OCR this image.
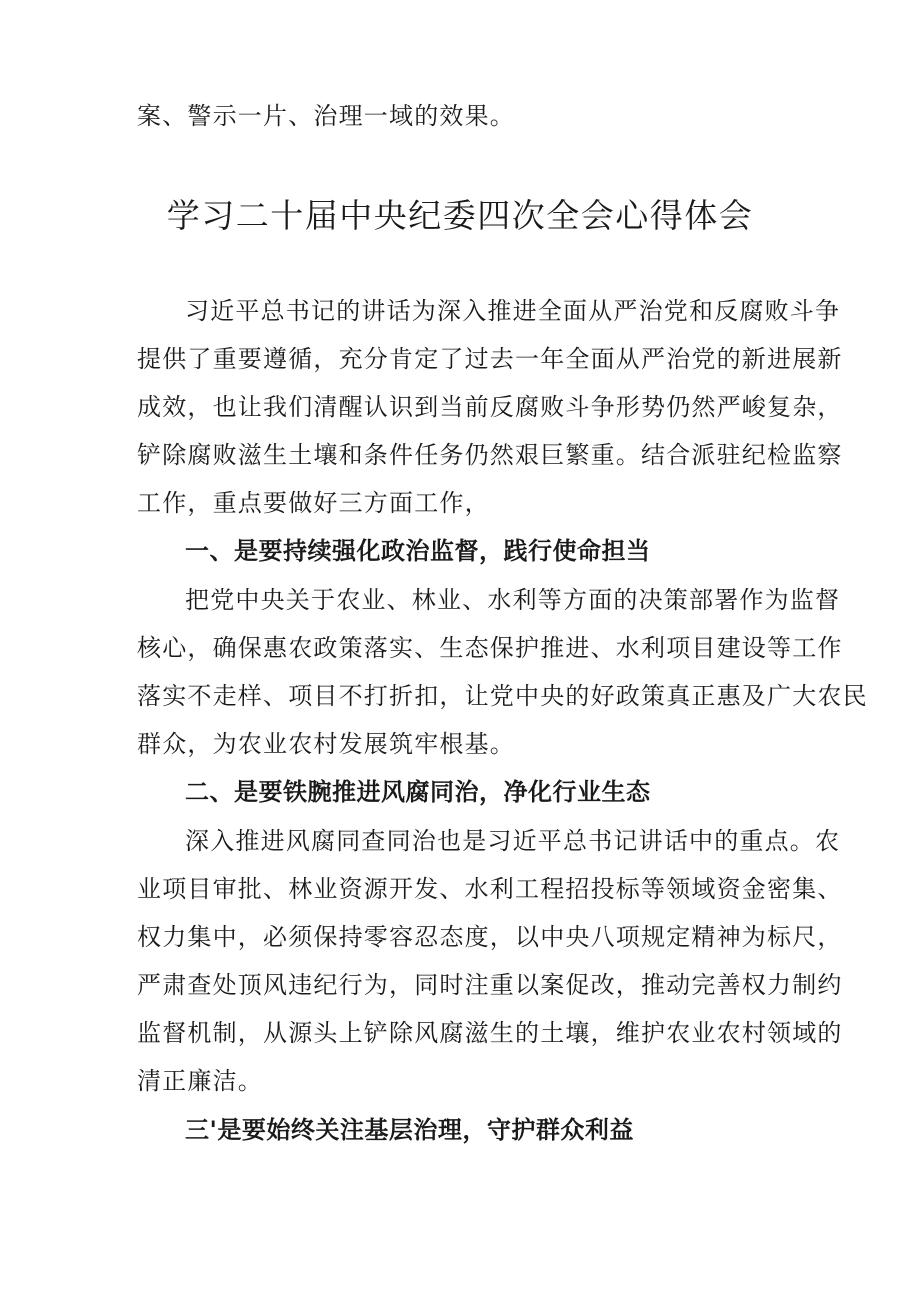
案、警示一片、治理一域的效果。
学习二十届中央纪委四次全会心得体会
习近平总书记的讲话为深入推进全面从严治党和反腐败斗争
提供了重要遵循，充分肯定了过去一年全面从严治党的新进展新
成效，也让我们清醒认识到当前反腐败斗争形势仍然严峻复杂，
铲除腐败滋生土壤和条件任务仍然艰巨繁重。结合派驻纪检监察
工作，重点要做好三方面工作，
一、是要持续强化政治监督，践行使命担当
把党中央关于农业、林业、水利等方面的决策部署作为监督
核心，确保惠农政策落实、生态保护推进、水利项目建设等工作
落实不走样、项目不打折扣，让党中央的好政策真正惠及广大农民
群众，为农业农村发展筑牢根基。
二、是要铁腕推进风腐同治，净化行业生态
深入推进风腐同查同治也是习近平总书记讲话中的重点。农
业项目审批、林业资源开发、水利工程招投标等领域资金密集、
权力集中，必须保持零容忍态度，以中央八项规定精神为标尺，
严肃查处顶风违纪行为，同时注重以案促改，推动完善权力制约
监督机制，从源头上铲除风腐滋生的土壤，维护农业农村领域的
清正廉洁。
三'是要始终关注基层治理，守护群众利益
